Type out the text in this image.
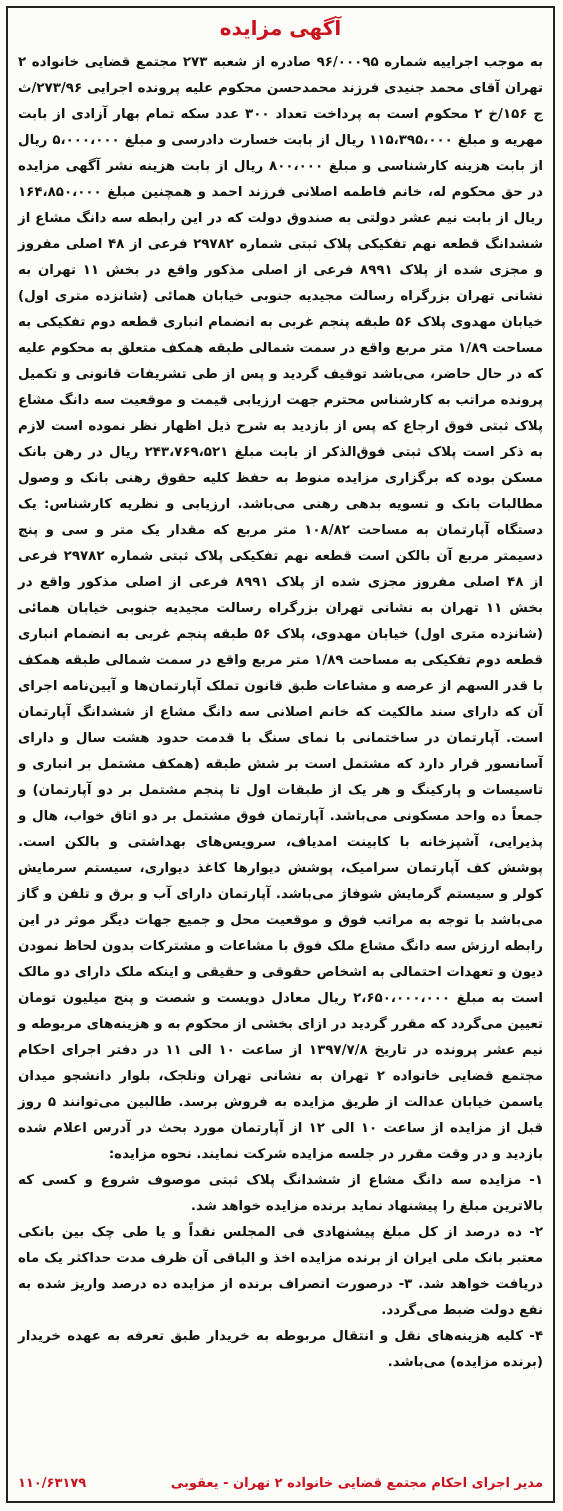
آگهی مزایده

به موجب اجراییه شماره ۹۶/۰۰۰۹۵ صادره از شعبه ۲۷۳ مجتمع قضایی خانواده ۲ تهران آقای محمد جنیدی فرزند محمدحسن محکوم علیه پرونده اجرایی ۲۷۳/۹۶/ث ج ۱۵۶/خ ۲ محکوم است به پرداخت تعداد ۳۰۰ عدد سکه تمام بهار آزادی از بابت مهریه و مبلغ ۱۱۵،۳۹۵،۰۰۰ ریال از بابت خسارت دادرسی و مبلغ ۵،۰۰۰،۰۰۰ ریال از بابت هزینه کارشناسی و مبلغ ۸۰۰،۰۰۰ ریال از بابت هزینه نشر آگهی مزایده در حق محکوم له، خانم فاطمه اصلانی فرزند احمد و همچنین مبلغ ۱۶۴،۸۵۰،۰۰۰ ریال از بابت نیم عشر دولتی به صندوق دولت که در این رابطه سه دانگ مشاع از ششدانگ قطعه نهم تفکیکی پلاک ثبتی شماره ۲۹۷۸۲ فرعی از ۴۸ اصلی مفروز و مجزی شده از پلاک ۸۹۹۱ فرعی از اصلی مذکور واقع در بخش ۱۱ تهران به نشانی تهران بزرگراه رسالت مجیدیه جنوبی خیابان همائی (شانزده متری اول) خیابان مهدوی پلاک ۵۶ طبقه پنجم غربی به انضمام انباری قطعه دوم تفکیکی به مساحت ۱/۸۹ متر مربع واقع در سمت شمالی طبقه همکف متعلق به محکوم علیه که در حال حاضر، می‌باشد توقیف گردید و پس از طی تشریفات قانونی و تکمیل پرونده مراتب به کارشناس محترم جهت ارزیابی قیمت و موقعیت سه دانگ مشاع پلاک ثبتی فوق ارجاع که پس از بازدید به شرح ذیل اظهار نظر نموده است لازم به ذکر است پلاک ثبتی فوق‌الذکر از بابت مبلغ ۲۴۳،۷۶۹،۵۲۱ ریال در رهن بانک مسکن بوده که برگزاری مزایده منوط به حفظ کلیه حقوق رهنی بانک و وصول مطالبات بانک و تسویه بدهی رهنی می‌باشد. ارزیابی و نظریه کارشناس: یک دستگاه آپارتمان به مساحت ۱۰۸/۸۲ متر مربع که مقدار یک متر و سی و پنج دسیمتر مربع آن بالکن است قطعه نهم تفکیکی پلاک ثبتی شماره ۲۹۷۸۲ فرعی از ۴۸ اصلی مفروز مجزی شده از پلاک ۸۹۹۱ فرعی از اصلی مذکور واقع در بخش ۱۱ تهران به نشانی تهران بزرگراه رسالت مجیدیه جنوبی خیابان همائی (شانزده متری اول) خیابان مهدوی، پلاک ۵۶ طبقه پنجم غربی به انضمام انباری قطعه دوم تفکیکی به مساحت ۱/۸۹ متر مربع واقع در سمت شمالی طبقه همکف با قدر السهم از عرصه و مشاعات طبق قانون تملک آپارتمان‌ها و آیین‌نامه اجرای آن که دارای سند مالکیت که خانم اصلانی سه دانگ مشاع از ششدانگ آپارتمان است. آپارتمان در ساختمانی با نمای سنگ با قدمت حدود هشت سال و دارای آسانسور قرار دارد که مشتمل است بر شش طبقه (همکف مشتمل بر انباری و تاسیسات و پارکینگ و هر یک از طبقات اول تا پنجم مشتمل بر دو آپارتمان) و جمعاً ده واحد مسکونی می‌باشد. آپارتمان فوق مشتمل بر دو اتاق خواب، هال و پذیرایی، آشپزخانه با کابینت امدیاف، سرویس‌های بهداشتی و بالکن است. پوشش کف آپارتمان سرامیک، پوشش دیوارها کاغذ دیواری، سیستم سرمایش کولر و سیستم گرمایش شوفاژ می‌باشد. آپارتمان دارای آب و برق و تلفن و گاز می‌باشد با توجه به مراتب فوق و موقعیت محل و جمیع جهات دیگر موثر در این رابطه ارزش سه دانگ مشاع ملک فوق با مشاعات و مشترکات بدون لحاظ نمودن دیون و تعهدات احتمالی به اشخاص حقوقی و حقیقی و اینکه ملک دارای دو مالک است به مبلغ ۲،۶۵۰،۰۰۰،۰۰۰ ریال معادل دویست و شصت و پنج میلیون تومان تعیین می‌گردد که مقرر گردید در ازای بخشی از محکوم به و هزینه‌های مربوطه و نیم عشر پرونده در تاریخ ۱۳۹۷/۷/۸ از ساعت ۱۰ الی ۱۱ در دفتر اجرای احکام مجتمع قضایی خانواده ۲ تهران به نشانی تهران ونلجک، بلوار دانشجو میدان یاسمن خیابان عدالت از طریق مزایده به فروش برسد. طالبین می‌توانند ۵ روز قبل از مزایده از ساعت ۱۰ الی ۱۲ از آپارتمان مورد بحث در آدرس اعلام شده بازدید و در وقت مقرر در جلسه مزایده شرکت نمایند. نحوه مزایده:

۱- مزایده سه دانگ مشاع از ششدانگ پلاک ثبتی موصوف شروع و کسی که بالاترین مبلغ را پیشنهاد نماید برنده مزایده خواهد شد.
۲- ده درصد از کل مبلغ پیشنهادی فی المجلس نقداً و یا طی چک بین بانکی معتبر بانک ملی ایران از برنده مزایده اخذ و الباقی آن ظرف مدت حداکثر یک ماه دریافت خواهد شد. ۳- درصورت انصراف برنده از مزایده ده درصد واریز شده به نفع دولت ضبط می‌گردد.
۴- کلیه هزینه‌های نقل و انتقال مربوطه به خریدار طبق تعرفه به عهده خریدار (برنده مزایده) می‌باشد.
مدیر اجرای احکام مجتمع قضایی خانواده ۲ تهران - یعقوبی
۱۱۰/۶۳۱۷۹
